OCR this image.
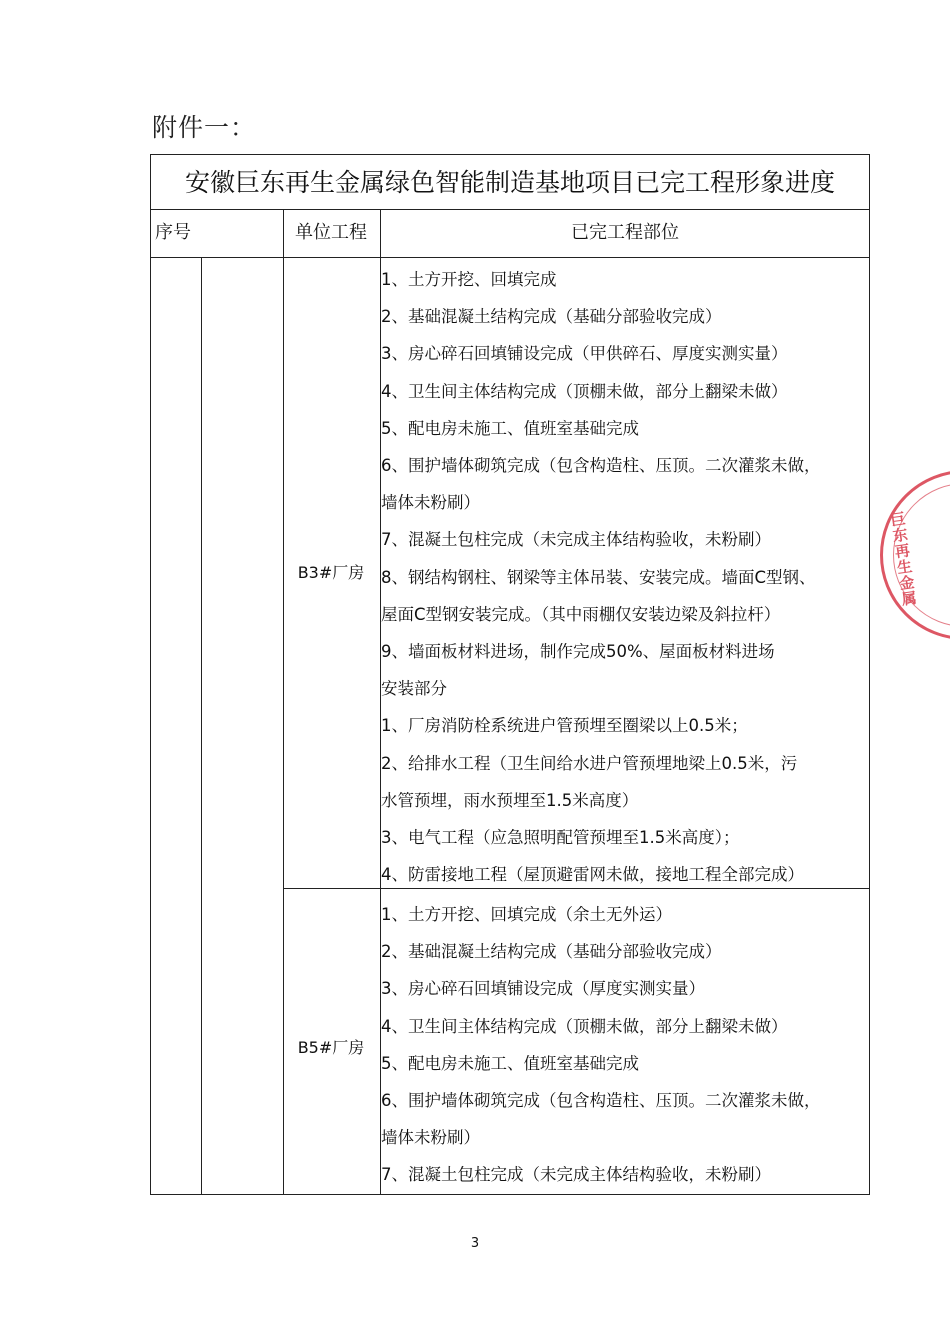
附件一：
安徽巨东再生金属绿色智能制造基地项目已完工程形象进度
序号	单位工程	已完工程部位
B3#厂房
1、土方开挖、回填完成
2、基础混凝土结构完成（基础分部验收完成）
3、房心碎石回填铺设完成（甲供碎石、厚度实测实量）
4、卫生间主体结构完成（顶棚未做，部分上翻梁未做）
5、配电房未施工、值班室基础完成
6、围护墙体砌筑完成（包含构造柱、压顶。二次灌浆未做，
墙体未粉刷）
7、混凝土包柱完成（未完成主体结构验收，未粉刷）
8、钢结构钢柱、钢梁等主体吊装、安装完成。墙面C型钢、
屋面C型钢安装完成。（其中雨棚仅安装边梁及斜拉杆）
9、墙面板材料进场，制作完成50%、屋面板材料进场
安装部分
1、厂房消防栓系统进户管预埋至圈梁以上0.5米；
2、给排水工程（卫生间给水进户管预埋地梁上0.5米，污
水管预埋，雨水预埋至1.5米高度）
3、电气工程（应急照明配管预埋至1.5米高度）；
4、防雷接地工程（屋顶避雷网未做，接地工程全部完成）
B5#厂房
1、土方开挖、回填完成（余土无外运）
2、基础混凝土结构完成（基础分部验收完成）
3、房心碎石回填铺设完成（厚度实测实量）
4、卫生间主体结构完成（顶棚未做，部分上翻梁未做）
5、配电房未施工、值班室基础完成
6、围护墙体砌筑完成（包含构造柱、压顶。二次灌浆未做，
墙体未粉刷）
7、混凝土包柱完成（未完成主体结构验收，未粉刷）
巨东再生金属
3
